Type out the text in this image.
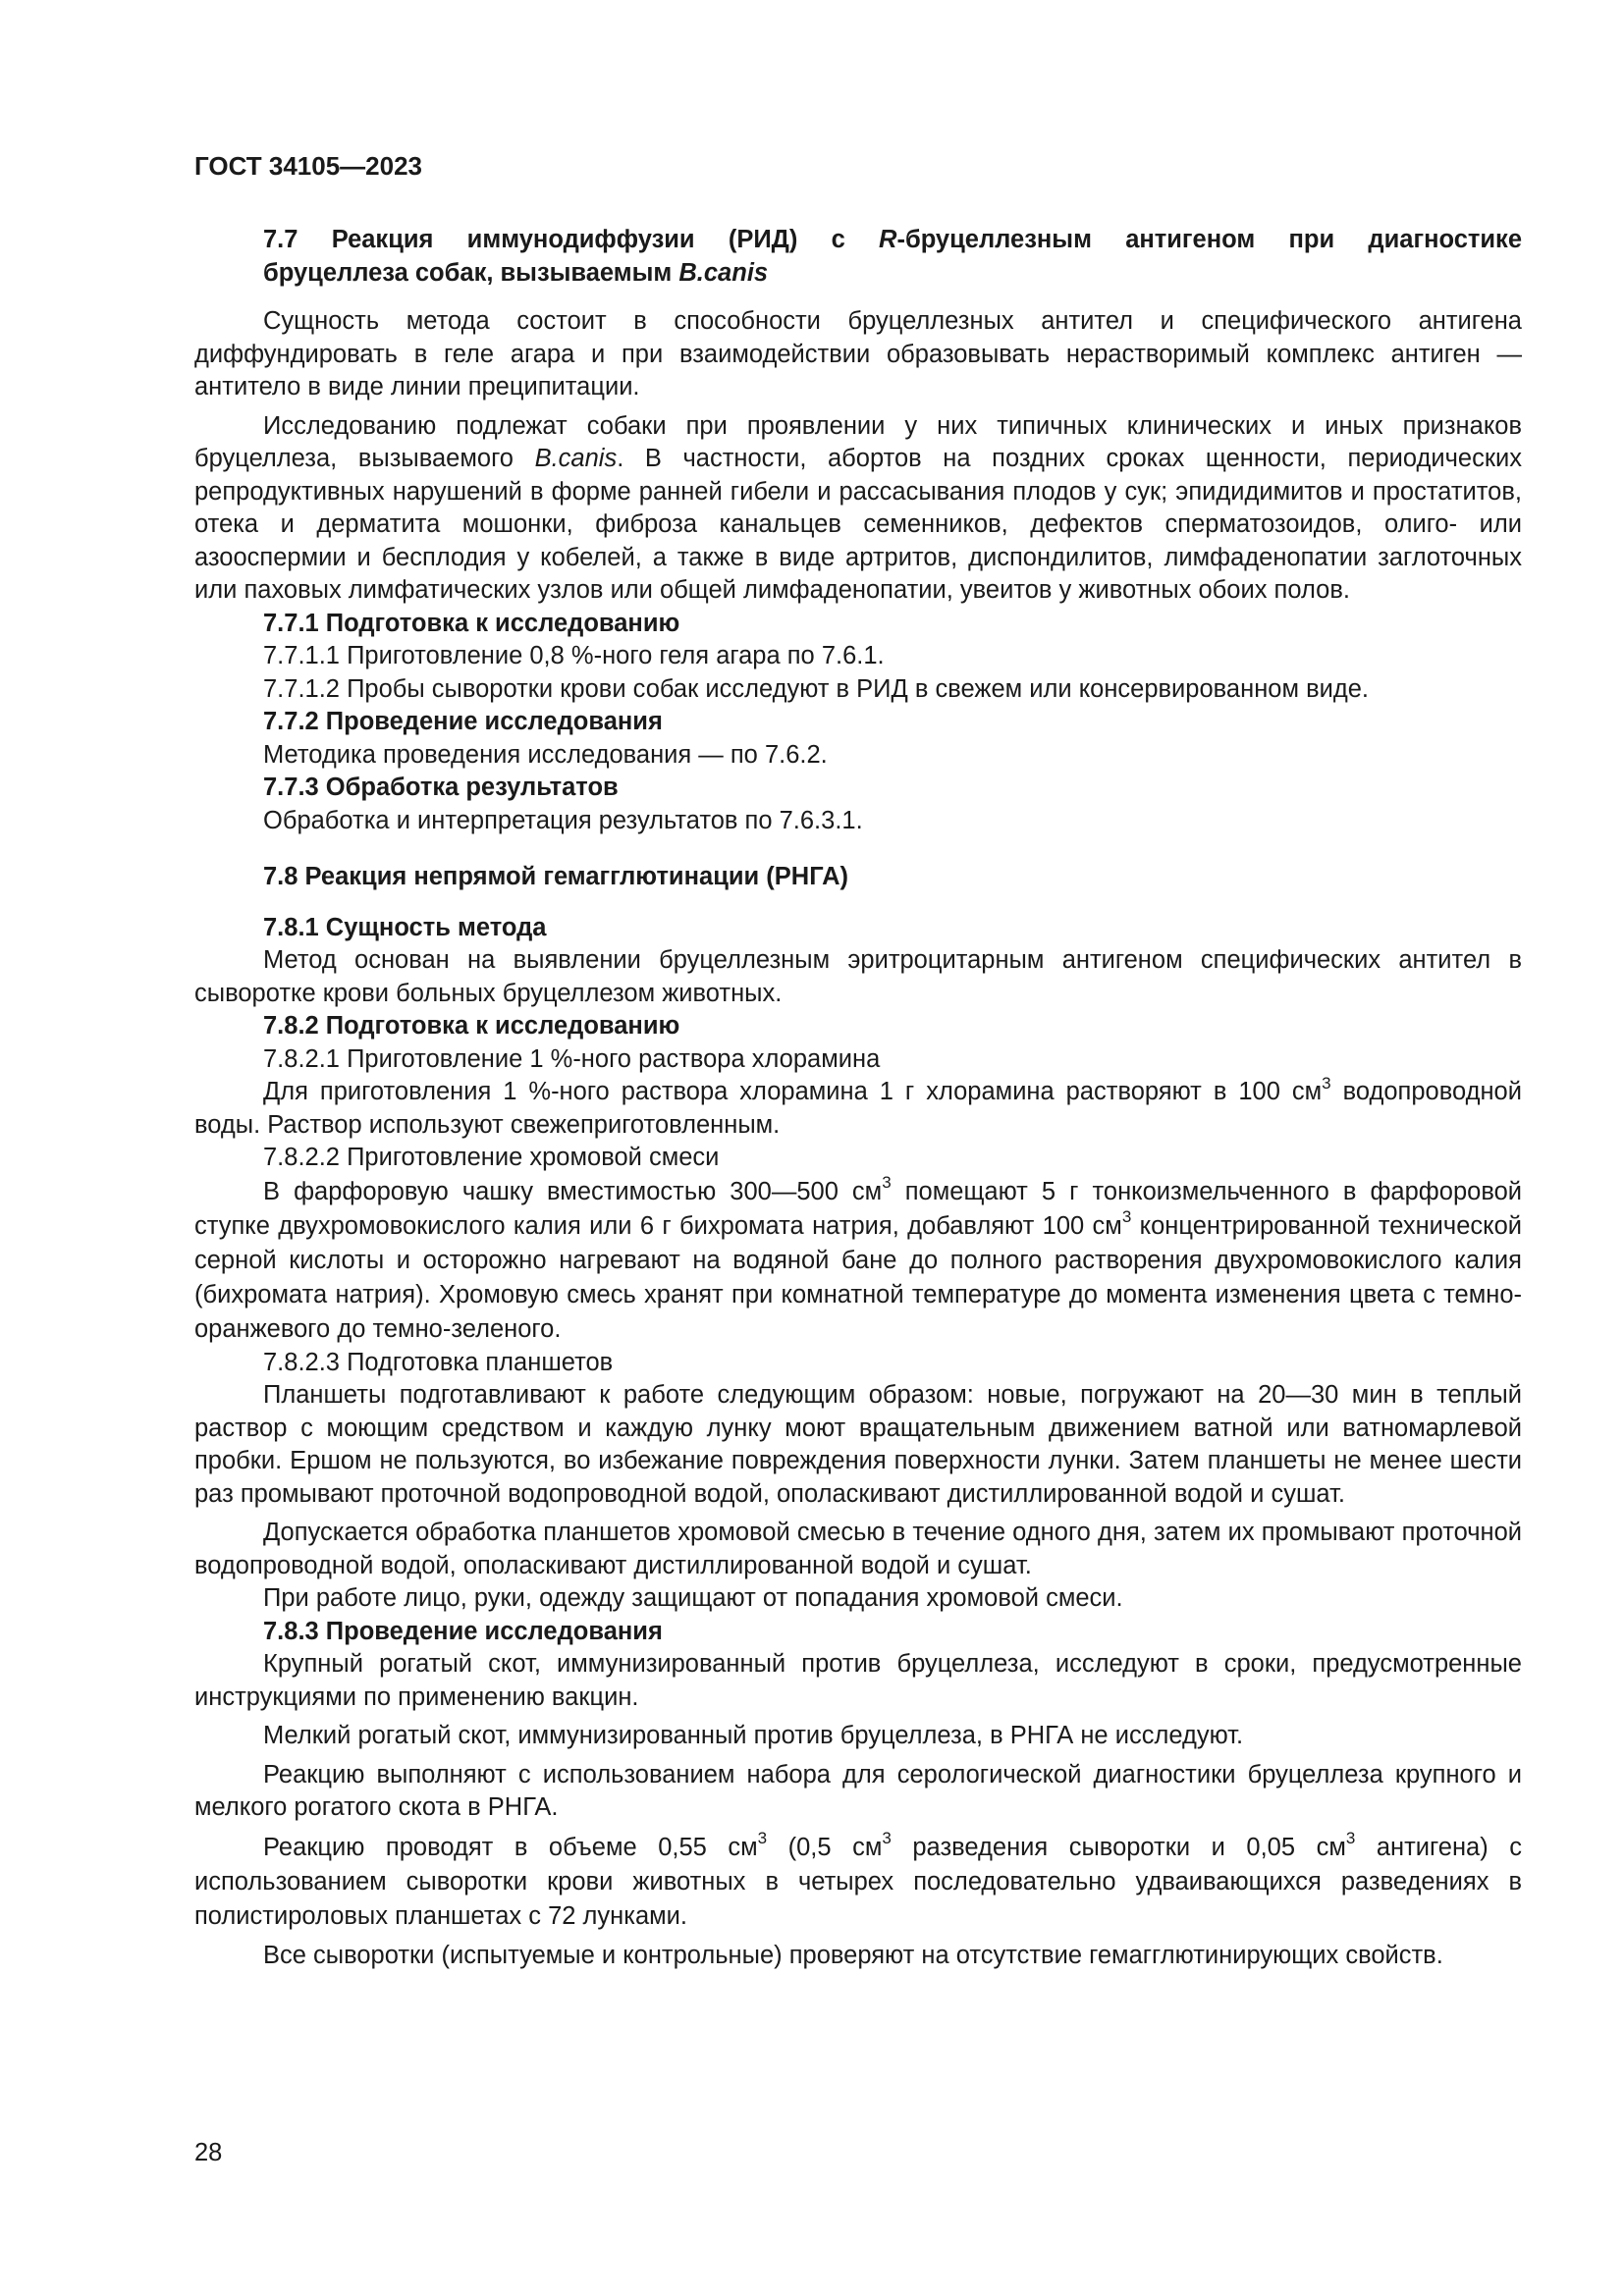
ГОСТ 34105—2023
7.7 Реакция иммунодиффузии (РИД) с R-бруцеллезным антигеном при диагностике
бруцеллеза собак, вызываемым B.canis

Сущность метода состоит в способности бруцеллезных антител и специфического антигена диффундировать в геле агара и при взаимодействии образовывать нерастворимый комплекс антиген — антитело в виде линии преципитации.

Исследованию подлежат собаки при проявлении у них типичных клинических и иных признаков бруцеллеза, вызываемого B.canis. В частности, абортов на поздних сроках щенности, периодических репродуктивных нарушений в форме ранней гибели и рассасывания плодов у сук; эпидидимитов и простатитов, отека и дерматита мошонки, фиброза канальцев семенников, дефектов сперматозоидов, олиго- или азооспермии и бесплодия у кобелей, а также в виде артритов, диспондилитов, лимфаденопатии заглоточных или паховых лимфатических узлов или общей лимфаденопатии, увеитов у животных обоих полов.

7.7.1 Подготовка к исследованию

7.7.1.1 Приготовление 0,8 %-ного геля агара по 7.6.1.

7.7.1.2 Пробы сыворотки крови собак исследуют в РИД в свежем или консервированном виде.

7.7.2 Проведение исследования

Методика проведения исследования — по 7.6.2.

7.7.3 Обработка результатов

Обработка и интерпретация результатов по 7.6.3.1.

7.8 Реакция непрямой гемагглютинации (РНГА)

7.8.1 Сущность метода

Метод основан на выявлении бруцеллезным эритроцитарным антигеном специфических антител в сыворотке крови больных бруцеллезом животных.

7.8.2 Подготовка к исследованию

7.8.2.1 Приготовление 1 %-ного раствора хлорамина

Для приготовления 1 %-ного раствора хлорамина 1 г хлорамина растворяют в 100 $см^3$ водопроводной воды. Раствор используют свежеприготовленным.

7.8.2.2 Приготовление хромовой смеси

В фарфоровую чашку вместимостью 300—500 $см^3$ помещают 5 г тонкоизмельченного в фарфоровой ступке двухромовокислого калия или 6 г бихромата натрия, добавляют 100 $см^3$ концентрированной технической серной кислоты и осторожно нагревают на водяной бане до полного растворения двухромовокислого калия (бихромата натрия). Хромовую смесь хранят при комнатной температуре до момента изменения цвета с темно-оранжевого до темно-зеленого.

7.8.2.3 Подготовка планшетов

Планшеты подготавливают к работе следующим образом: новые, погружают на 20—30 мин в теплый раствор с моющим средством и каждую лунку моют вращательным движением ватной или ватномарлевой пробки. Ершом не пользуются, во избежание повреждения поверхности лунки. Затем планшеты не менее шести раз промывают проточной водопроводной водой, ополаскивают дистиллированной водой и сушат.

Допускается обработка планшетов хромовой смесью в течение одного дня, затем их промывают проточной водопроводной водой, ополаскивают дистиллированной водой и сушат.

При работе лицо, руки, одежду защищают от попадания хромовой смеси.

7.8.3 Проведение исследования

Крупный рогатый скот, иммунизированный против бруцеллеза, исследуют в сроки, предусмотренные инструкциями по применению вакцин.

Мелкий рогатый скот, иммунизированный против бруцеллеза, в РНГА не исследуют.

Реакцию выполняют с использованием набора для серологической диагностики бруцеллеза крупного и мелкого рогатого скота в РНГА.

Реакцию проводят в объеме 0,55 $см^3$ (0,5 $см^3$ разведения сыворотки и 0,05 $см^3$ антигена) с использованием сыворотки крови животных в четырех последовательно удваивающихся разведениях в полистироловых планшетах с 72 лунками.

Все сыворотки (испытуемые и контрольные) проверяют на отсутствие гемагглютинирующих свойств.

28
